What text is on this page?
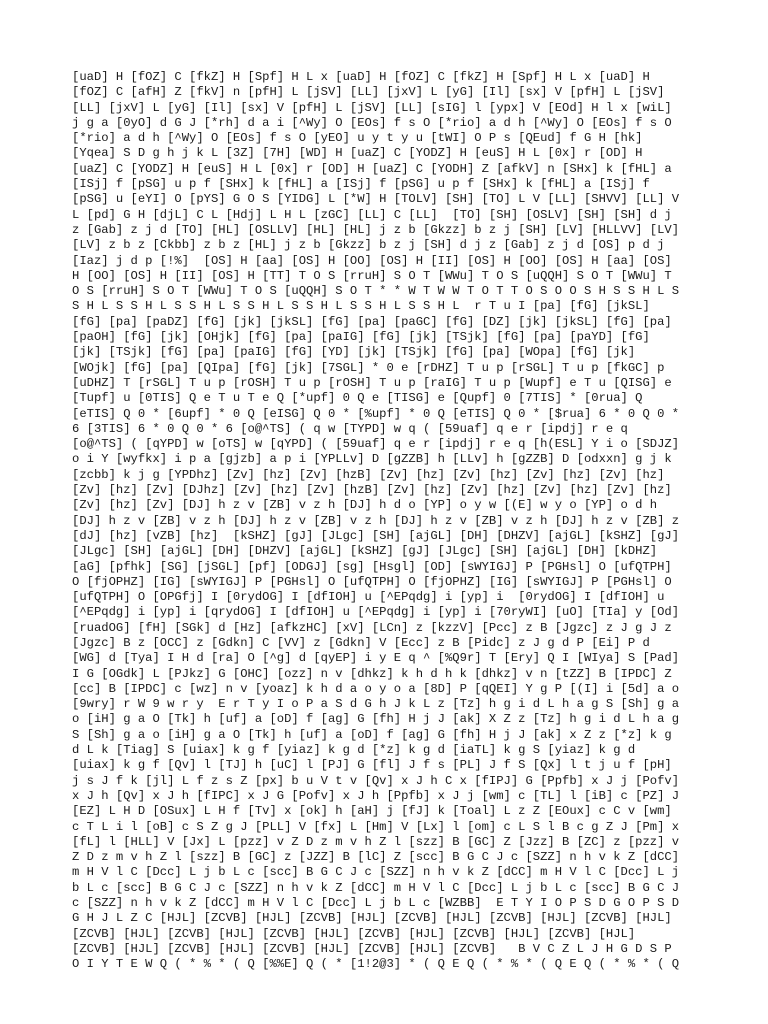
[uaD] H [fOZ] C [fkZ] H [Spf] H L x [uaD] H [fOZ] C [fkZ] H [Spf] H L x [uaD] H
[fOZ] C [afH] Z [fkV] n [pfH] L [jSV] [LL] [jxV] L [yG] [Il] [sx] V [pfH] L [jSV]
[LL] [jxV] L [yG] [Il] [sx] V [pfH] L [jSV] [LL] [sIG] l [ypx] V [EOd] H l x [wiL]
j g a [0yO] d G J [*rh] d a i [^Wy] O [EOs] f s O [*rio] a d h [^Wy] O [EOs] f s O
[*rio] a d h [^Wy] O [EOs] f s O [yEO] u y t y u [tWI] O P s [QEud] f G H [hk]
[Yqea] S D g h j k L [3Z] [7H] [WD] H [uaZ] C [YODZ] H [euS] H L [0x] r [OD] H
[uaZ] C [YODZ] H [euS] H L [0x] r [OD] H [uaZ] C [YODH] Z [afkV] n [SHx] k [fHL] a
[ISj] f [pSG] u p f [SHx] k [fHL] a [ISj] f [pSG] u p f [SHx] k [fHL] a [ISj] f
[pSG] u [eYI] O [pYS] G O S [YIDG] L [*W] H [TOLV] [SH] [TO] L V [LL] [SHVV] [LL] V
L [pd] G H [djL] C L [Hdj] L H L [zGC] [LL] C [LL]  [TO] [SH] [OSLV] [SH] [SH] d j
z [Gab] z j d [TO] [HL] [OSLLV] [HL] [HL] j z b [Gkzz] b z j [SH] [LV] [HLLVV] [LV]
[LV] z b z [Ckbb] z b z [HL] j z b [Gkzz] b z j [SH] d j z [Gab] z j d [OS] p d j
[Iaz] j d p [!%]  [OS] H [aa] [OS] H [OO] [OS] H [II] [OS] H [OO] [OS] H [aa] [OS]
H [OO] [OS] H [II] [OS] H [TT] T O S [rruH] S O T [WWu] T O S [uQQH] S O T [WWu] T
O S [rruH] S O T [WWu] T O S [uQQH] S O T * * W T W W T O T T O S O O S H S S H L S
S H L S S H L S S H L S S H L S S H L S S H L S S H L  r T u I [pa] [fG] [jkSL]
[fG] [pa] [paDZ] [fG] [jk] [jkSL] [fG] [pa] [paGC] [fG] [DZ] [jk] [jkSL] [fG] [pa]
[paOH] [fG] [jk] [OHjk] [fG] [pa] [paIG] [fG] [jk] [TSjk] [fG] [pa] [paYD] [fG]
[jk] [TSjk] [fG] [pa] [paIG] [fG] [YD] [jk] [TSjk] [fG] [pa] [WOpa] [fG] [jk]
[WOjk] [fG] [pa] [QIpa] [fG] [jk] [7SGL] * 0 e [rDHZ] T u p [rSGL] T u p [fkGC] p
[uDHZ] T [rSGL] T u p [rOSH] T u p [rOSH] T u p [raIG] T u p [Wupf] e T u [QISG] e
[Tupf] u [0TIS] Q e T u T e Q [*upf] 0 Q e [TISG] e [Qupf] 0 [7TIS] * [0rua] Q
[eTIS] Q 0 * [6upf] * 0 Q [eISG] Q 0 * [%upf] * 0 Q [eTIS] Q 0 * [$rua] 6 * 0 Q 0 *
6 [3TIS] 6 * 0 Q 0 * 6 [o@^TS] ( q w [TYPD] w q ( [59uaf] q e r [ipdj] r e q
[o@^TS] ( [qYPD] w [oTS] w [qYPD] ( [59uaf] q e r [ipdj] r e q [h(ESL] Y i o [SDJZ]
o i Y [wyfkx] i p a [gjzb] a p i [YPLLv] D [gZZB] h [LLv] h [gZZB] D [odxxn] g j k
[zcbb] k j g [YPDhz] [Zv] [hz] [Zv] [hzB] [Zv] [hz] [Zv] [hz] [Zv] [hz] [Zv] [hz]
[Zv] [hz] [Zv] [DJhz] [Zv] [hz] [Zv] [hzB] [Zv] [hz] [Zv] [hz] [Zv] [hz] [Zv] [hz]
[Zv] [hz] [Zv] [DJ] h z v [ZB] v z h [DJ] h d o [YP] o y w [(E] w y o [YP] o d h
[DJ] h z v [ZB] v z h [DJ] h z v [ZB] v z h [DJ] h z v [ZB] v z h [DJ] h z v [ZB] z
[dJ] [hz] [vZB] [hz]  [kSHZ] [gJ] [JLgc] [SH] [ajGL] [DH] [DHZV] [ajGL] [kSHZ] [gJ]
[JLgc] [SH] [ajGL] [DH] [DHZV] [ajGL] [kSHZ] [gJ] [JLgc] [SH] [ajGL] [DH] [kDHZ]
[aG] [pfhk] [SG] [jSGL] [pf] [ODGJ] [sg] [Hsgl] [OD] [sWYIGJ] P [PGHsl] O [ufQTPH]
O [fjOPHZ] [IG] [sWYIGJ] P [PGHsl] O [ufQTPH] O [fjOPHZ] [IG] [sWYIGJ] P [PGHsl] O
[ufQTPH] O [OPGfj] I [0rydOG] I [dfIOH] u [^EPqdg] i [yp] i  [0rydOG] I [dfIOH] u
[^EPqdg] i [yp] i [qrydOG] I [dfIOH] u [^EPqdg] i [yp] i [70ryWI] [uO] [TIa] y [Od]
[ruadOG] [fH] [SGk] d [Hz] [afkzHC] [xV] [LCn] z [kzzV] [Pcc] z B [Jgzc] z J g J z
[Jgzc] B z [OCC] z [Gdkn] C [VV] z [Gdkn] V [Ecc] z B [Pidc] z J g d P [Ei] P d
[WG] d [Tya] I H d [ra] O [^g] d [qyEP] i y E q ^ [%Q9r] T [Ery] Q I [WIya] S [Pad]
I G [OGdk] L [PJkz] G [OHC] [ozz] n v [dhkz] k h d h k [dhkz] v n [tZZ] B [IPDC] Z
[cc] B [IPDC] c [wz] n v [yoaz] k h d a o y o a [8D] P [qQEI] Y g P [(I] i [5d] a o
[9wry] r W 9 w r y  E r T y I o P a S d G h J k L z [Tz] h g i d L h a g S [Sh] g a
o [iH] g a O [Tk] h [uf] a [oD] f [ag] G [fh] H j J [ak] X Z z [Tz] h g i d L h a g
S [Sh] g a o [iH] g a O [Tk] h [uf] a [oD] f [ag] G [fh] H j J [ak] x Z z [*z] k g
d L k [Tiag] S [uiax] k g f [yiaz] k g d [*z] k g d [iaTL] k g S [yiaz] k g d
[uiax] k g f [Qv] l [TJ] h [uC] l [PJ] G [fl] J f s [PL] J f S [Qx] l t j u f [pH]
j s J f k [jl] L f z s Z [px] b u V t v [Qv] x J h C x [fIPJ] G [Ppfb] x J j [Pofv]
x J h [Qv] x J h [fIPC] x J G [Pofv] x J h [Ppfb] x J j [wm] c [TL] l [iB] c [PZ] J
[EZ] L H D [OSux] L H f [Tv] x [ok] h [aH] j [fJ] k [Toal] L z Z [EOux] c C v [wm]
c T L i l [oB] c S Z g J [PLL] V [fx] L [Hm] V [Lx] l [om] c L S l B c g Z J [Pm] x
[fL] l [HLL] V [Jx] L [pzz] v Z D z m v h Z l [szz] B [GC] Z [Jzz] B [ZC] z [pzz] v
Z D z m v h Z l [szz] B [GC] z [JZZ] B [lC] Z [scc] B G C J c [SZZ] n h v k Z [dCC]
m H V l C [Dcc] L j b L c [scc] B G C J c [SZZ] n h v k Z [dCC] m H V l C [Dcc] L j
b L c [scc] B G C J c [SZZ] n h v k Z [dCC] m H V l C [Dcc] L j b L c [scc] B G C J
c [SZZ] n h v k Z [dCC] m H V l C [Dcc] L j b L c [WZBB]  E T Y I O P S D G O P S D
G H J L Z C [HJL] [ZCVB] [HJL] [ZCVB] [HJL] [ZCVB] [HJL] [ZCVB] [HJL] [ZCVB] [HJL]
[ZCVB] [HJL] [ZCVB] [HJL] [ZCVB] [HJL] [ZCVB] [HJL] [ZCVB] [HJL] [ZCVB] [HJL]
[ZCVB] [HJL] [ZCVB] [HJL] [ZCVB] [HJL] [ZCVB] [HJL] [ZCVB]   B V C Z L J H G D S P
O I Y T E W Q ( * % * ( Q [%%E] Q ( * [1!2@3] * ( Q E Q ( * % * ( Q E Q ( * % * ( Q
